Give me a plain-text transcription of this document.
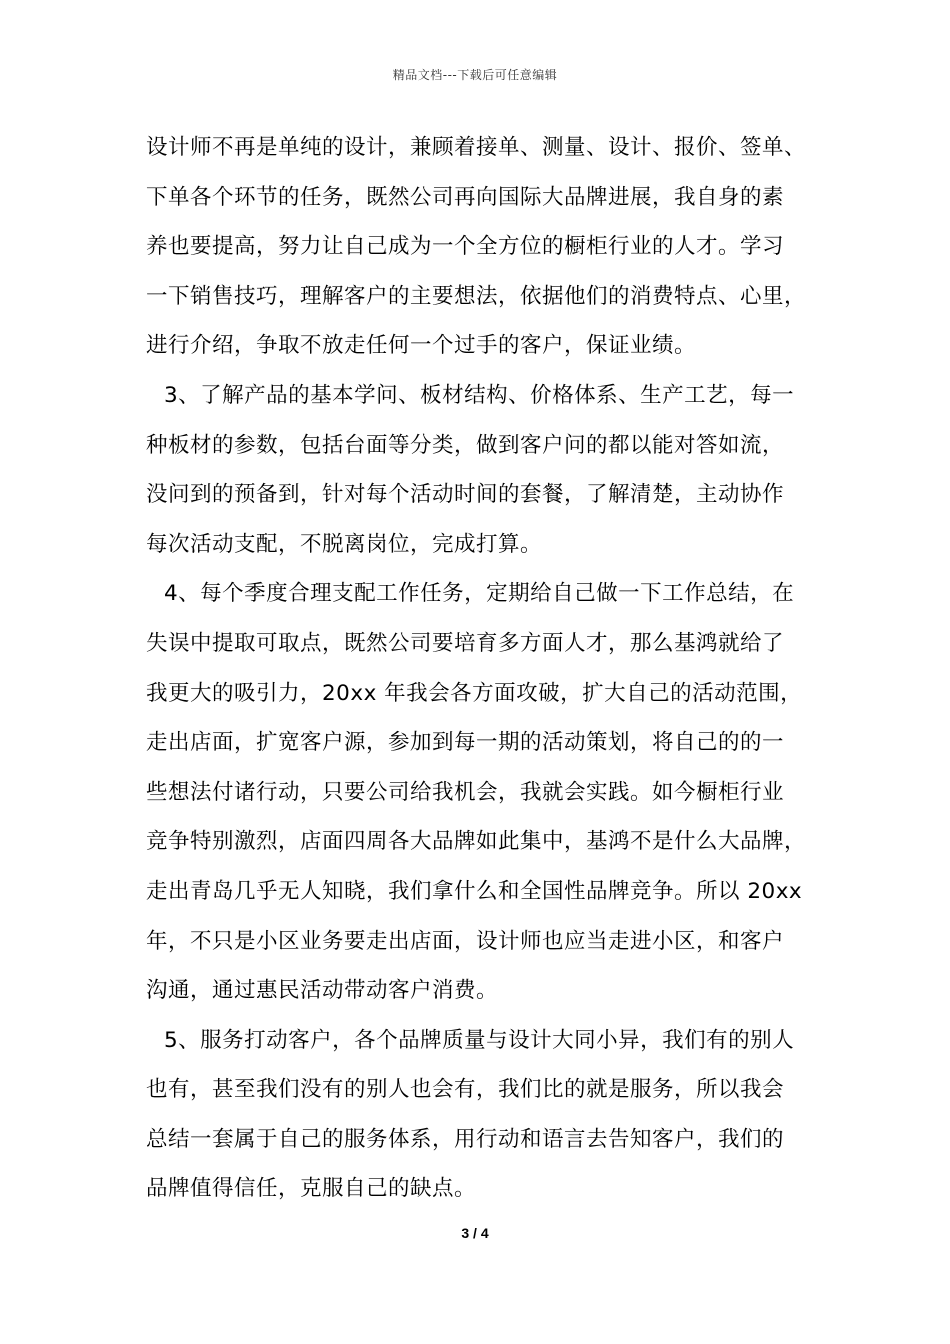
精品文档---下载后可任意编辑
设计师不再是单纯的设计，兼顾着接单、测量、设计、报价、签单、
下单各个环节的任务，既然公司再向国际大品牌进展，我自身的素
养也要提高，努力让自己成为一个全方位的橱柜行业的人才。学习
一下销售技巧，理解客户的主要想法，依据他们的消费特点、心里，
进行介绍，争取不放走任何一个过手的客户，保证业绩。
3、了解产品的基本学问、板材结构、价格体系、生产工艺，每一
种板材的参数，包括台面等分类，做到客户问的都以能对答如流，
没问到的预备到，针对每个活动时间的套餐，了解清楚，主动协作
每次活动支配，不脱离岗位，完成打算。
4、每个季度合理支配工作任务，定期给自己做一下工作总结，在
失误中提取可取点，既然公司要培育多方面人才，那么基鸿就给了
我更大的吸引力，20xx 年我会各方面攻破，扩大自己的活动范围，
走出店面，扩宽客户源，参加到每一期的活动策划，将自己的的一
些想法付诸行动，只要公司给我机会，我就会实践。如今橱柜行业
竞争特别激烈，店面四周各大品牌如此集中，基鸿不是什么大品牌，
走出青岛几乎无人知晓，我们拿什么和全国性品牌竞争。所以 20xx
年，不只是小区业务要走出店面，设计师也应当走进小区，和客户
沟通，通过惠民活动带动客户消费。
5、服务打动客户，各个品牌质量与设计大同小异，我们有的别人
也有，甚至我们没有的别人也会有，我们比的就是服务，所以我会
总结一套属于自己的服务体系，用行动和语言去告知客户，我们的
品牌值得信任，克服自己的缺点。
3 / 4
